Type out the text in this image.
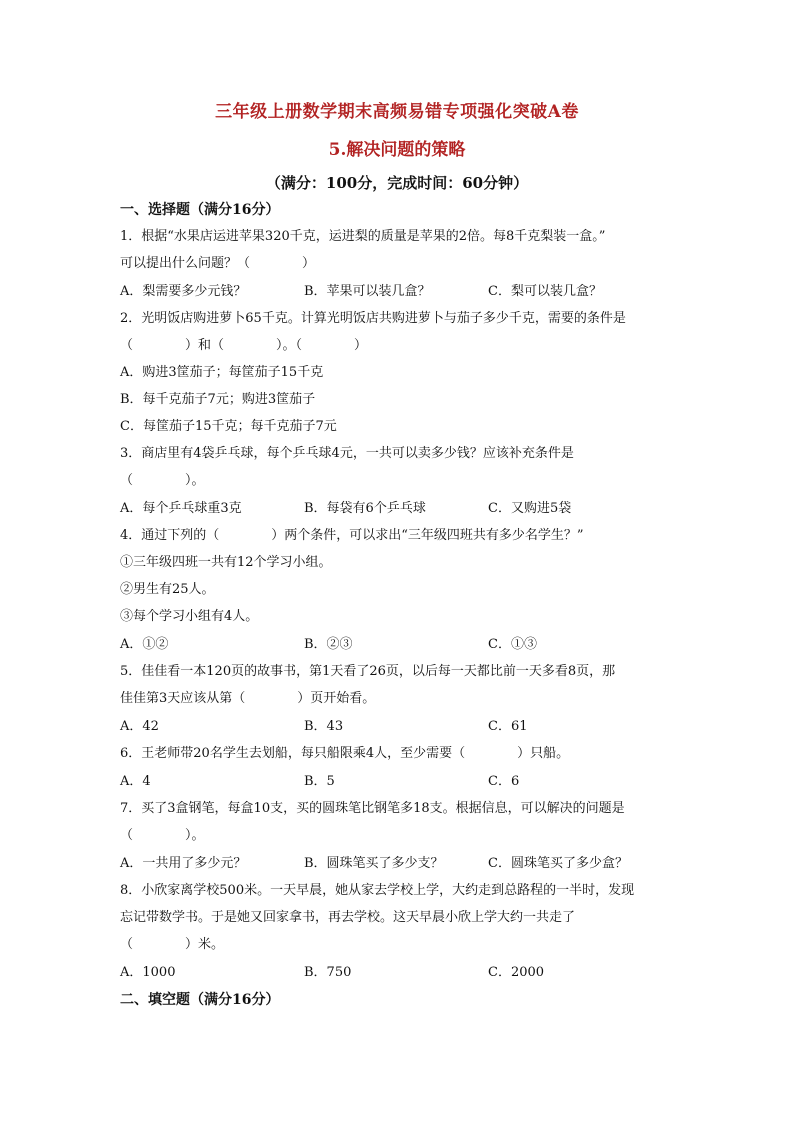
三年级上册数学期末高频易错专项强化突破A卷
5.解决问题的策略
（满分：100分，完成时间：60分钟）
一、选择题（满分16分）
1．根据“水果店运进苹果320千克，运进梨的质量是苹果的2倍。每8千克梨装一盒。”
可以提出什么问题？（　　　　）
A．梨需要多少元钱？	B．苹果可以装几盒？	C．梨可以装几盒？
2．光明饭店购进萝卜65千克。计算光明饭店共购进萝卜与茄子多少千克，需要的条件是
（　　　　）和（　　　　）。（　　　　）
A．购进3筐茄子；每筐茄子15千克
B．每千克茄子7元；购进3筐茄子
C．每筐茄子15千克；每千克茄子7元
3．商店里有4袋乒乓球，每个乒乓球4元，一共可以卖多少钱？应该补充条件是
（　　　　）。
A．每个乒乓球重3克	B．每袋有6个乒乓球	C．又购进5袋
4．通过下列的（　　　　）两个条件，可以求出“三年级四班共有多少名学生？”
①三年级四班一共有12个学习小组。
②男生有25人。
③每个学习小组有4人。
A．①②	B．②③	C．①③
5．佳佳看一本120页的故事书，第1天看了26页，以后每一天都比前一天多看8页，那
佳佳第3天应该从第（　　　　）页开始看。
A．42	B．43	C．61
6．王老师带20名学生去划船，每只船限乘4人，至少需要（　　　　）只船。
A．4	B．5	C．6
7．买了3盒钢笔，每盒10支，买的圆珠笔比钢笔多18支。根据信息，可以解决的问题是
（　　　　）。
A．一共用了多少元？	B．圆珠笔买了多少支？	C．圆珠笔买了多少盒？
8．小欣家离学校500米。一天早晨，她从家去学校上学，大约走到总路程的一半时，发现
忘记带数学书。于是她又回家拿书，再去学校。这天早晨小欣上学大约一共走了
（　　　　）米。
A．1000	B．750	C．2000
二、填空题（满分16分）
